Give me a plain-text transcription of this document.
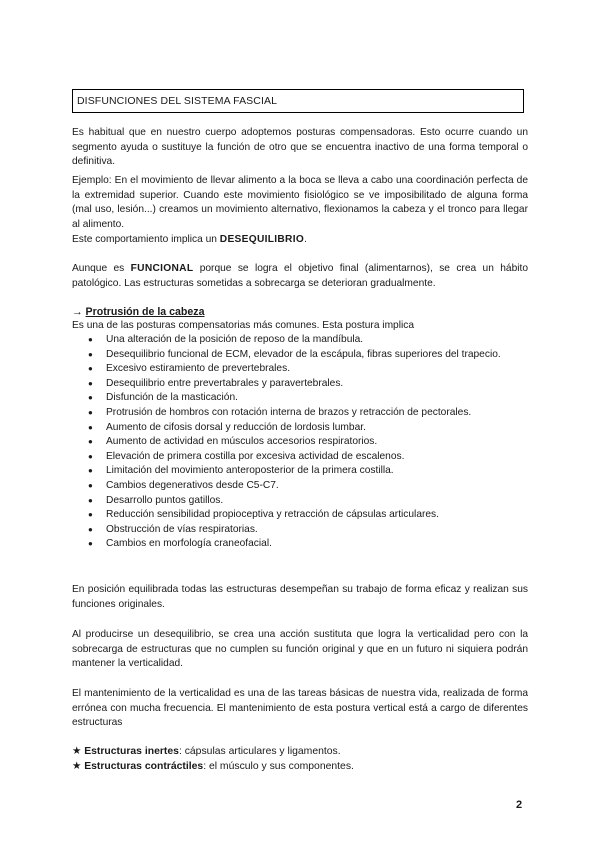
DISFUNCIONES DEL SISTEMA FASCIAL
Es habitual que en nuestro cuerpo adoptemos posturas compensadoras. Esto ocurre cuando un segmento ayuda o sustituye la función de otro que se encuentra inactivo de una forma temporal o definitiva.
Ejemplo: En el movimiento de llevar alimento a la boca se lleva a cabo una coordinación perfecta de la extremidad superior. Cuando este movimiento fisiológico se ve imposibilitado de alguna forma (mal uso, lesión...) creamos un movimiento alternativo, flexionamos la cabeza y el tronco para llegar al alimento.
Este comportamiento implica un DESEQUILIBRIO.
Aunque es FUNCIONAL porque se logra el objetivo final (alimentarnos), se crea un hábito patológico. Las estructuras sometidas a sobrecarga se deterioran gradualmente.
→ Protrusión de la cabeza
Es una de las posturas compensatorias más comunes. Esta postura implica
● Una alteración de la posición de reposo de la mandíbula.
● Desequilibrio funcional de ECM, elevador de la escápula, fibras superiores del trapecio.
● Excesivo estiramiento de prevertebrales.
● Desequilibrio entre prevertabrales y paravertebrales.
● Disfunción de la masticación.
● Protrusión de hombros con rotación interna de brazos y retracción de pectorales.
● Aumento de cifosis dorsal y reducción de lordosis lumbar.
● Aumento de actividad en músculos accesorios respiratorios.
● Elevación de primera costilla por excesiva actividad de escalenos.
● Limitación del movimiento anteroposterior de la primera costilla.
● Cambios degenerativos desde C5-C7.
● Desarrollo puntos gatillos.
● Reducción sensibilidad propioceptiva y retracción de cápsulas articulares.
● Obstrucción de vías respiratorias.
● Cambios en morfología craneofacial.
En posición equilibrada todas las estructuras desempeñan su trabajo de forma eficaz y realizan sus funciones originales.
Al producirse un desequilibrio, se crea una acción sustituta que logra la verticalidad pero con la sobrecarga de estructuras que no cumplen su función original y que en un futuro ni siquiera podrán mantener la verticalidad.
El mantenimiento de la verticalidad es una de las tareas básicas de nuestra vida, realizada de forma errónea con mucha frecuencia. El mantenimiento de esta postura vertical está a cargo de diferentes estructuras
★ Estructuras inertes: cápsulas articulares y ligamentos.
★ Estructuras contráctiles: el músculo y sus componentes.
2
